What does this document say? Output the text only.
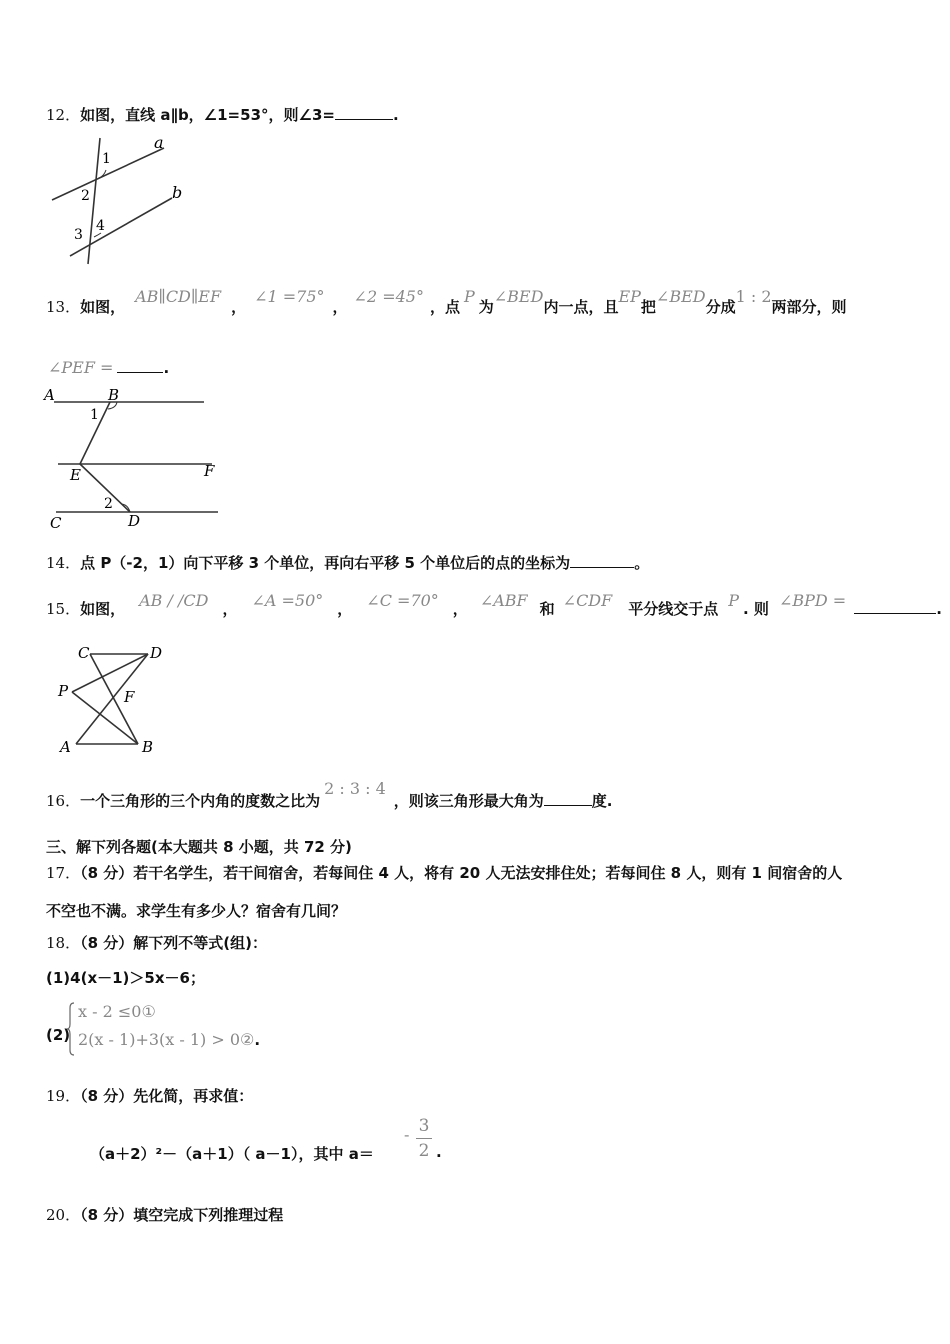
12．如图，直线 a∥b，∠1=53°，则∠3=	.
a
b
1
2
3
4
13．如图，AB∥CD∥EF，∠1 =75°，∠2 =45°，点P为∠BED内一点，且EP把∠BED分成1 : 2两部分，则
∠PEF =	.
A	B
1
E	F
2
C	D
14．点 P（-2，1）向下平移 3 个单位，再向右平移 5 个单位后的点的坐标为	。
15．如图， AB / /CD ， ∠A =50° ， ∠C =70° ， ∠ABF 和 ∠CDF 平分线交于点 P . 则 ∠BPD =	.
C	D
P	F
A	B
16．一个三角形的三个内角的度数之比为2 : 3 : 4，则该三角形最大角为	度.
三、解下列各题(本大题共 8 小题，共 72 分)
17．（8 分）若干名学生，若干间宿舍，若每间住 4 人，将有 20 人无法安排住处；若每间住 8 人，则有 1 间宿舍的人
不空也不满。求学生有多少人？宿舍有几间？
18．（8 分）解下列不等式(组)：
(1)4(x－1)＞5x－6；
(2)
x - 2 ≤0①
2(x - 1)+3(x - 1) > 0②.
19．（8 分）先化简，再求值：
（a＋2）²－（a＋1）（ a－1），其中 a＝
- 3
2 .
20．（8 分）填空完成下列推理过程
